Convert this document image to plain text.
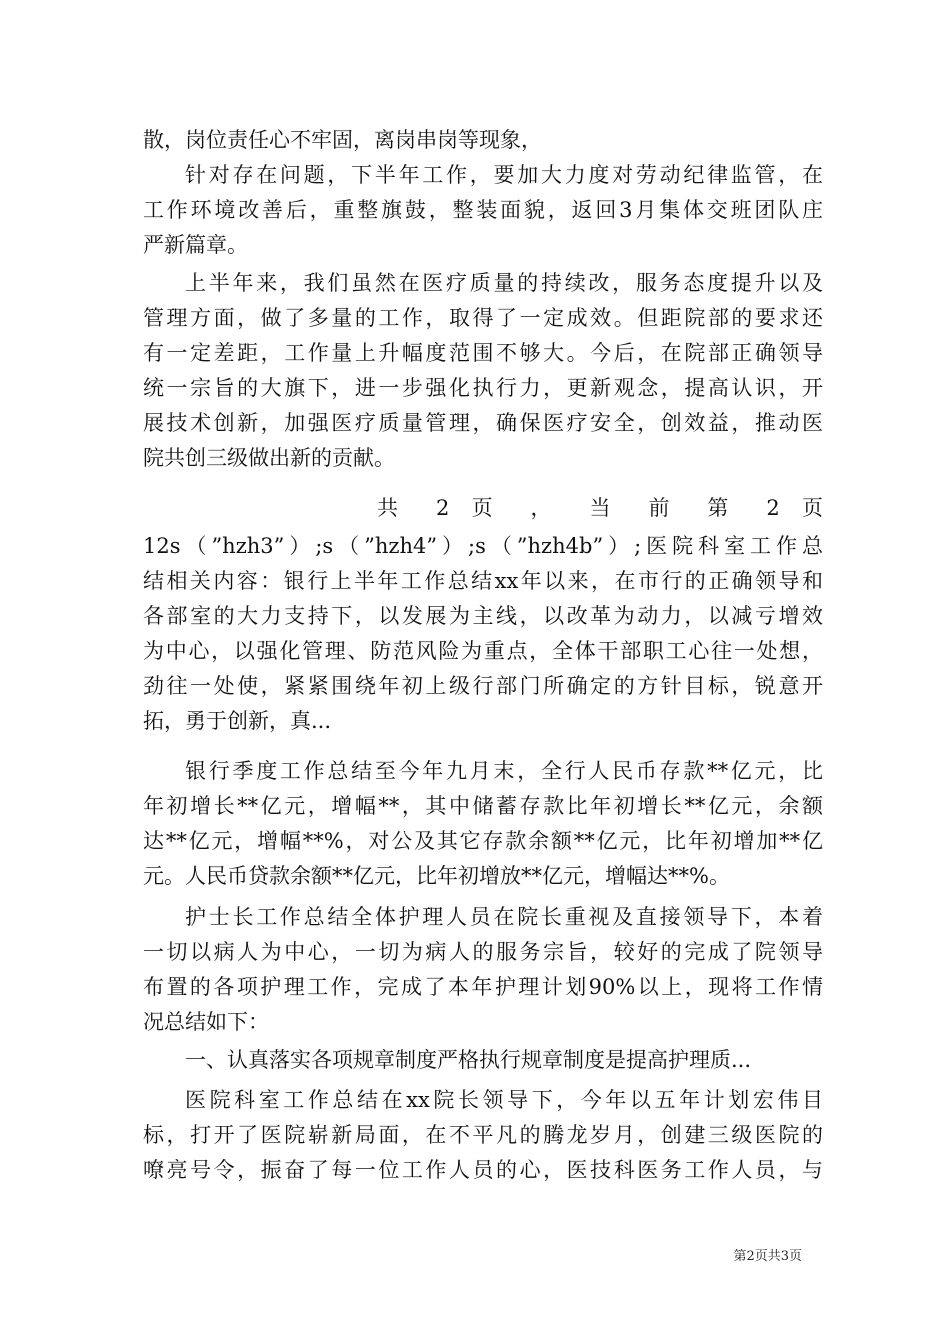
散，岗位责任心不牢固，离岗串岗等现象，
针对存在问题，下半年工作，要加大力度对劳动纪律监管，在
工作环境改善后，重整旗鼓，整装面貌，返回3月集体交班团队庄
严新篇章。
上半年来，我们虽然在医疗质量的持续改，服务态度提升以及
管理方面，做了多量的工作，取得了一定成效。但距院部的要求还
有一定差距，工作量上升幅度范围不够大。今后，在院部正确领导
统一宗旨的大旗下，进一步强化执行力，更新观念，提高认识，开
展技术创新，加强医疗质量管理，确保医疗安全，创效益，推动医
院共创三级做出新的贡献。
共 2 页 ， 当 前 第 2 页
12s（”hzh3”）;s（”hzh4”）;s（”hzh4b”）;医院科室工作总
结相关内容：银行上半年工作总结xx年以来，在市行的正确领导和
各部室的大力支持下，以发展为主线，以改革为动力，以减亏增效
为中心，以强化管理、防范风险为重点，全体干部职工心往一处想，
劲往一处使，紧紧围绕年初上级行部门所确定的方针目标，锐意开
拓，勇于创新，真...
银行季度工作总结至今年九月末，全行人民币存款**亿元，比
年初增长**亿元，增幅**，其中储蓄存款比年初增长**亿元，余额
达**亿元，增幅**%，对公及其它存款余额**亿元，比年初增加**亿
元。人民币贷款余额**亿元，比年初增放**亿元，增幅达**%。
护士长工作总结全体护理人员在院长重视及直接领导下，本着
一切以病人为中心，一切为病人的服务宗旨，较好的完成了院领导
布置的各项护理工作，完成了本年护理计划90%以上，现将工作情
况总结如下：
一、认真落实各项规章制度严格执行规章制度是提高护理质...
医院科室工作总结在xx院长领导下，今年以五年计划宏伟目
标，打开了医院崭新局面，在不平凡的腾龙岁月，创建三级医院的
嘹亮号令，振奋了每一位工作人员的心，医技科医务工作人员，与
第2页共3页
